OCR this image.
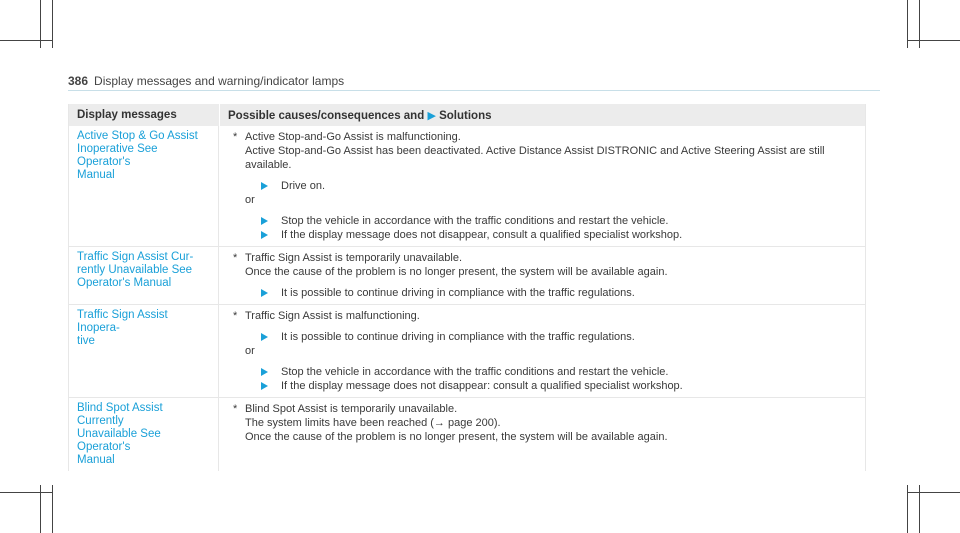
386 Display messages and warning/indicator lamps
Display messages	Possible causes/consequences and ▶ Solutions
Active Stop & Go Assist
Inoperative See Operator's
Manual
* Active Stop-and-Go Assist is malfunctioning.
Active Stop-and-Go Assist has been deactivated. Active Distance Assist DISTRONIC and Active Steering Assist are still
available.
Drive on.
or
Stop the vehicle in accordance with the traffic conditions and restart the vehicle.
If the display message does not disappear, consult a qualified specialist workshop.
Traffic Sign Assist Cur-
rently Unavailable See
Operator's Manual
* Traffic Sign Assist is temporarily unavailable.
Once the cause of the problem is no longer present, the system will be available again.
It is possible to continue driving in compliance with the traffic regulations.
Traffic Sign Assist Inopera-
tive
* Traffic Sign Assist is malfunctioning.
It is possible to continue driving in compliance with the traffic regulations.
or
Stop the vehicle in accordance with the traffic conditions and restart the vehicle.
If the display message does not disappear: consult a qualified specialist workshop.
Blind Spot Assist Currently
Unavailable See Operator's
Manual
* Blind Spot Assist is temporarily unavailable.
The system limits have been reached (→ page 200).
Once the cause of the problem is no longer present, the system will be available again.
